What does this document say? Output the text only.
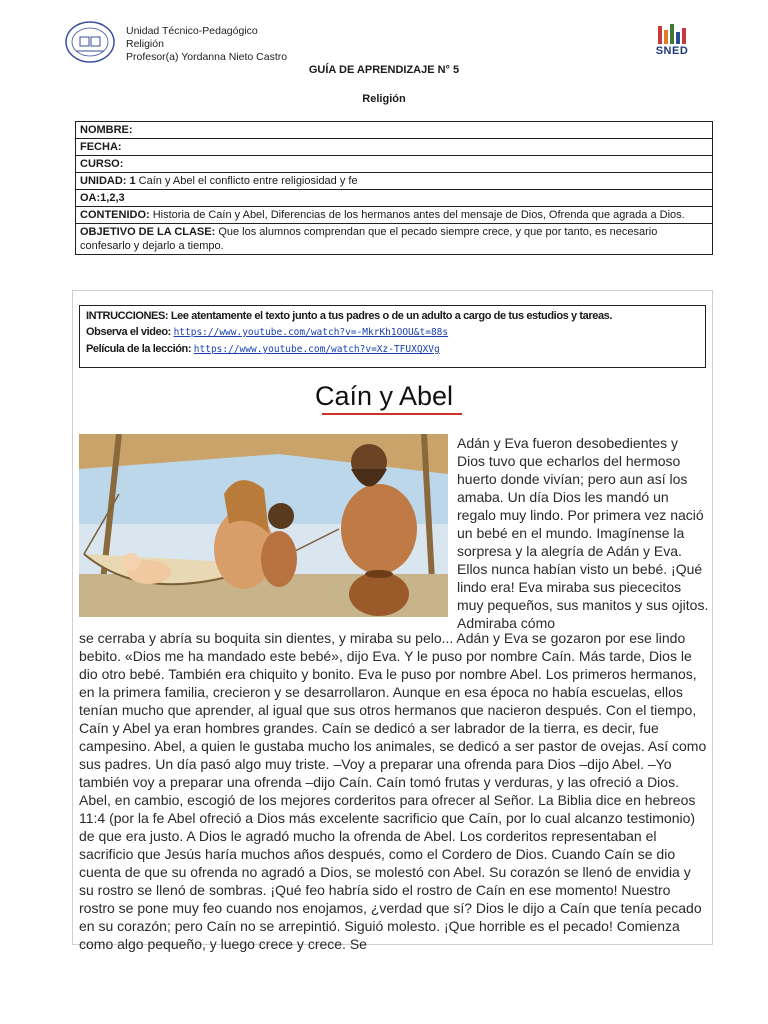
Unidad Técnico-Pedagógico
Religión
Profesor(a) Yordanna Nieto Castro	SNED
GUÍA DE APRENDIZAJE N° 5
Religión
NOMBRE:
FECHA:
CURSO:
UNIDAD: 1 Caín y Abel el conflicto entre religiosidad y fe
OA:1,2,3
CONTENIDO: Historia de Caín y Abel, Diferencias de los hermanos antes del mensaje de Dios, Ofrenda que agrada a Dios.
OBJETIVO DE LA CLASE: Que los alumnos comprendan que el pecado siempre crece, y que por tanto, es necesario confesarlo y dejarlo a tiempo.
INTRUCCIONES: Lee atentamente el texto junto a tus padres o de un adulto a cargo de tus estudios y tareas.
Observa el video: https://www.youtube.com/watch?v=-MkrKh1OOU&t=88s
Película de la lección: https://www.youtube.com/watch?v=Xz-TFUXQXVg
Caín y Abel

Adán y Eva fueron desobedientes y Dios tuvo que echarlos del hermoso huerto donde vivían; pero aun así los amaba. Un día Dios les mandó un regalo muy lindo. Por primera vez nació un bebé en el mundo. Imagínense la sorpresa y la alegría de Adán y Eva. Ellos nunca habían visto un bebé. ¡Qué lindo era! Eva miraba sus piececitos muy pequeños, sus manitos y sus ojitos. Admiraba cómo

se cerraba y abría su boquita sin dientes, y miraba su pelo... Adán y Eva se gozaron por ese lindo bebito. «Dios me ha mandado este bebé», dijo Eva. Y le puso por nombre Caín. Más tarde, Dios le dio otro bebé. También era chiquito y bonito. Eva le puso por nombre Abel. Los primeros hermanos, en la primera familia, crecieron y se desarrollaron. Aunque en esa época no había escuelas, ellos tenían mucho que aprender, al igual que sus otros hermanos que nacieron después. Con el tiempo, Caín y Abel ya eran hombres grandes. Caín se dedicó a ser labrador de la tierra, es decir, fue campesino. Abel, a quien le gustaba mucho los animales, se dedicó a ser pastor de ovejas. Así como sus padres. Un día pasó algo muy triste. –Voy a preparar una ofrenda para Dios –dijo Abel. –Yo también voy a preparar una ofrenda –dijo Caín. Caín tomó frutas y verduras, y las ofreció a Dios. Abel, en cambio, escogió de los mejores corderitos para ofrecer al Señor. La Biblia dice en hebreos 11:4 (por la fe Abel ofreció a Dios más excelente sacrificio que Caín, por lo cual alcanzo testimonio) de que era justo. A Dios le agradó mucho la ofrenda de Abel. Los corderitos representaban el sacrificio que Jesús haría muchos años después, como el Cordero de Dios. Cuando Caín se dio cuenta de que su ofrenda no agradó a Dios, se molestó con Abel. Su corazón se llenó de envidia y su rostro se llenó de sombras. ¡Qué feo habría sido el rostro de Caín en ese momento! Nuestro rostro se pone muy feo cuando nos enojamos, ¿verdad que sí? Dios le dijo a Caín que tenía pecado en su corazón; pero Caín no se arrepintió. Siguió molesto. ¡Que horrible es el pecado! Comienza como algo pequeño, y luego crece y crece. Se
